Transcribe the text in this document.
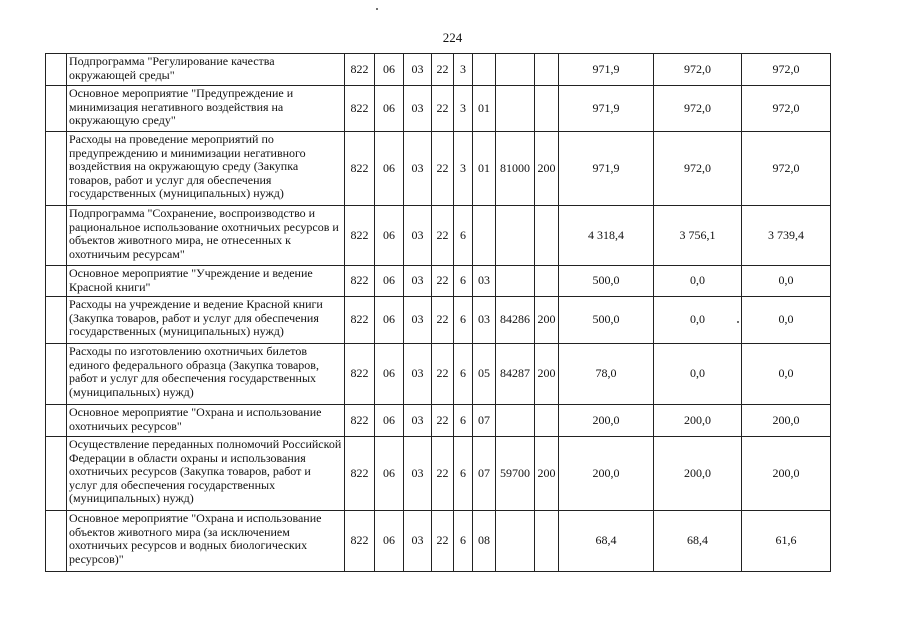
224
	Подпрограмма "Регулирование качества окружающей среды"	822	06	03	22	3				971,9	972,0	972,0
	Основное мероприятие "Предупреждение и минимизация негативного воздействия на окружающую среду"	822	06	03	22	3	01			971,9	972,0	972,0
	Расходы на проведение мероприятий по предупреждению и минимизации негативного воздействия на окружающую среду (Закупка товаров, работ и услуг для обеспечения государственных (муниципальных) нужд)	822	06	03	22	3	01	81000	200	971,9	972,0	972,0
	Подпрограмма "Сохранение, воспроизводство и рациональное использование охотничьих ресурсов и объектов животного мира, не отнесенных к охотничьим ресурсам"	822	06	03	22	6				4 318,4	3 756,1	3 739,4
	Основное мероприятие "Учреждение и ведение Красной книги"	822	06	03	22	6	03			500,0	0,0	0,0
	Расходы на учреждение и ведение Красной книги (Закупка товаров, работ и услуг для обеспечения государственных (муниципальных) нужд)	822	06	03	22	6	03	84286	200	500,0	0,0	0,0
	Расходы по изготовлению охотничьих билетов единого федерального образца (Закупка товаров, работ и услуг для обеспечения государственных (муниципальных) нужд)	822	06	03	22	6	05	84287	200	78,0	0,0	0,0
	Основное мероприятие "Охрана и использование охотничьих ресурсов"	822	06	03	22	6	07			200,0	200,0	200,0
	Осуществление переданных полномочий Российской Федерации в области охраны и использования охотничьих ресурсов (Закупка товаров, работ и услуг для обеспечения государственных (муниципальных) нужд)	822	06	03	22	6	07	59700	200	200,0	200,0	200,0
	Основное мероприятие "Охрана и использование объектов животного мира (за исключением охотничьих ресурсов и водных биологических ресурсов)"	822	06	03	22	6	08			68,4	68,4	61,6
